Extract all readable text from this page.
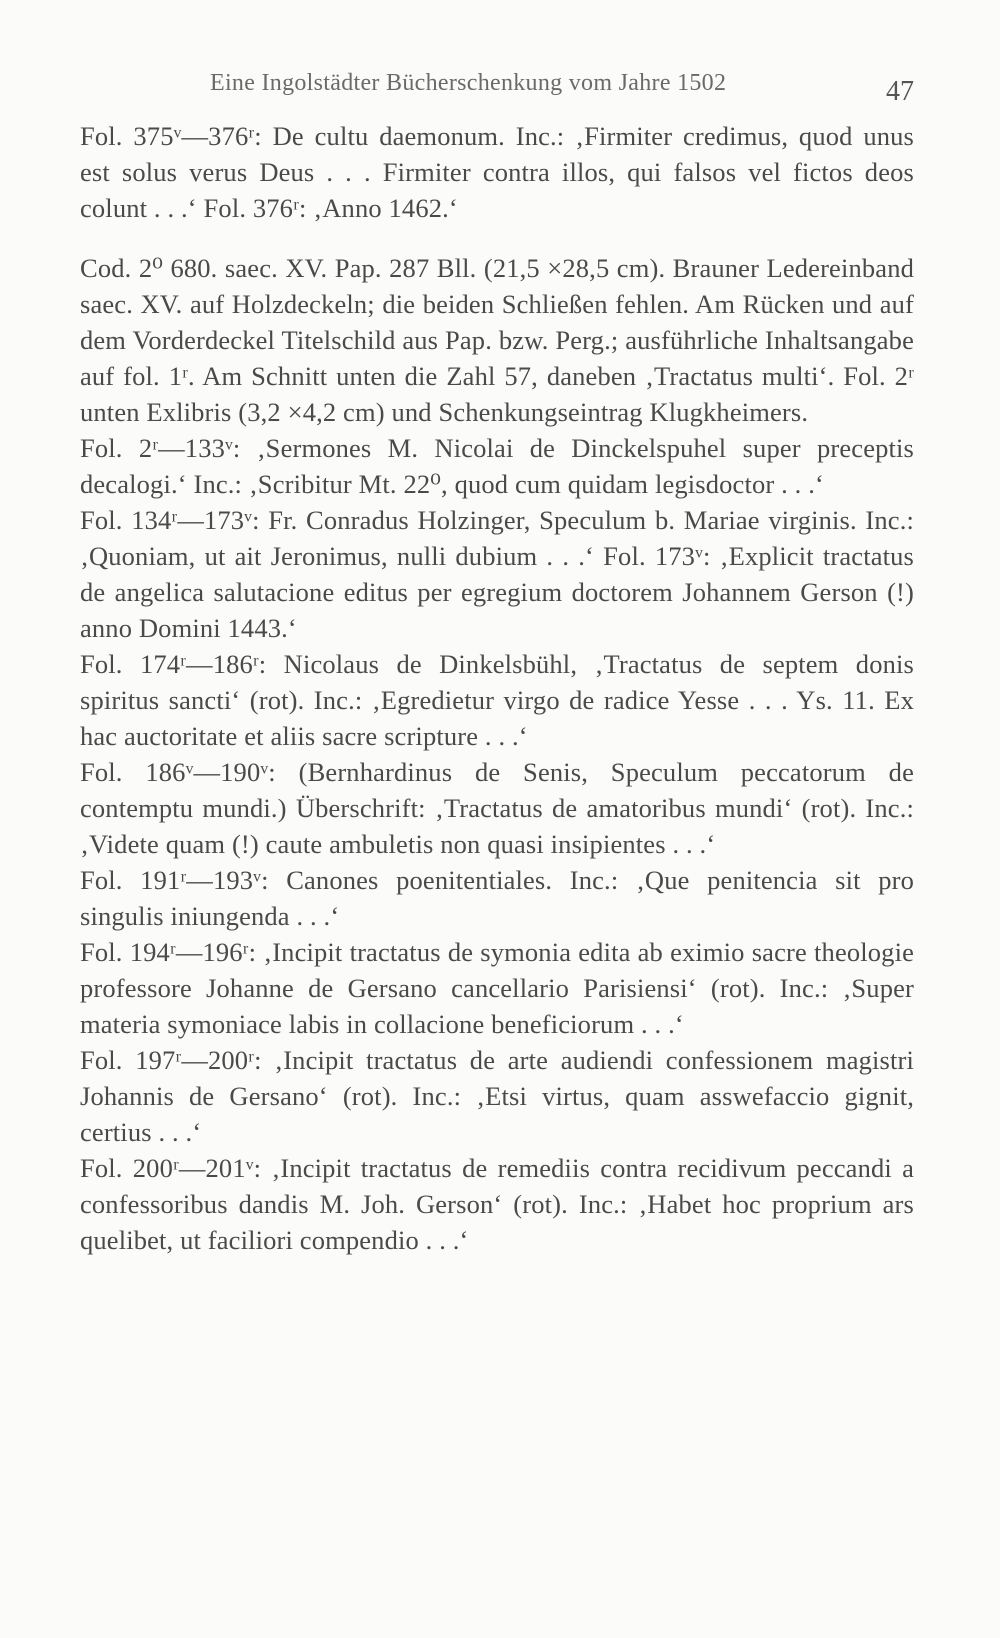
Eine Ingolstädter Bücherschenkung vom Jahre 1502	47

Fol. 375ᵛ—376ʳ: De cultu daemonum. Inc.: ‚Firmiter credimus, quod unus est solus verus Deus . . . Firmiter contra illos, qui falsos vel fictos deos colunt . . .‘ Fol. 376ʳ: ‚Anno 1462.‘

Cod. 2⁰ 680. saec. XV. Pap. 287 Bll. (21,5 ×28,5 cm). Brauner Ledereinband saec. XV. auf Holzdeckeln; die beiden Schließen fehlen. Am Rücken und auf dem Vorderdeckel Titelschild aus Pap. bzw. Perg.; ausführliche Inhaltsangabe auf fol. 1ʳ. Am Schnitt unten die Zahl 57, daneben ‚Tractatus multi‘. Fol. 2ʳ unten Exlibris (3,2 ×4,2 cm) und Schenkungseintrag Klugkheimers.

Fol. 2ʳ—133ᵛ: ‚Sermones M. Nicolai de Dinckelspuhel super preceptis decalogi.‘ Inc.: ‚Scribitur Mt. 22⁰, quod cum quidam legisdoctor . . .‘

Fol. 134ʳ—173ᵛ: Fr. Conradus Holzinger, Speculum b. Mariae virginis. Inc.: ‚Quoniam, ut ait Jeronimus, nulli dubium . . .‘ Fol. 173ᵛ: ‚Explicit tractatus de angelica salutacione editus per egregium doctorem Johannem Gerson (!) anno Domini 1443.‘

Fol. 174ʳ—186ʳ: Nicolaus de Dinkelsbühl, ‚Tractatus de septem donis spiritus sancti‘ (rot). Inc.: ‚Egredietur virgo de radice Yesse . . . Ys. 11. Ex hac auctoritate et aliis sacre scripture . . .‘

Fol. 186ᵛ—190ᵛ: (Bernhardinus de Senis, Speculum peccatorum de contemptu mundi.) Überschrift: ‚Tractatus de amatoribus mundi‘ (rot). Inc.: ‚Videte quam (!) caute ambuletis non quasi insipientes . . .‘

Fol. 191ʳ—193ᵛ: Canones poenitentiales. Inc.: ‚Que penitencia sit pro singulis iniungenda . . .‘

Fol. 194ʳ—196ʳ: ‚Incipit tractatus de symonia edita ab eximio sacre theologie professore Johanne de Gersano cancellario Parisiensi‘ (rot). Inc.: ‚Super materia symoniace labis in collacione beneficiorum . . .‘

Fol. 197ʳ—200ʳ: ‚Incipit tractatus de arte audiendi confessionem magistri Johannis de Gersano‘ (rot). Inc.: ‚Etsi virtus, quam asswefaccio gignit, certius . . .‘

Fol. 200ʳ—201ᵛ: ‚Incipit tractatus de remediis contra recidivum peccandi a confessoribus dandis M. Joh. Gerson‘ (rot). Inc.: ‚Habet hoc proprium ars quelibet, ut faciliori compendio . . .‘
